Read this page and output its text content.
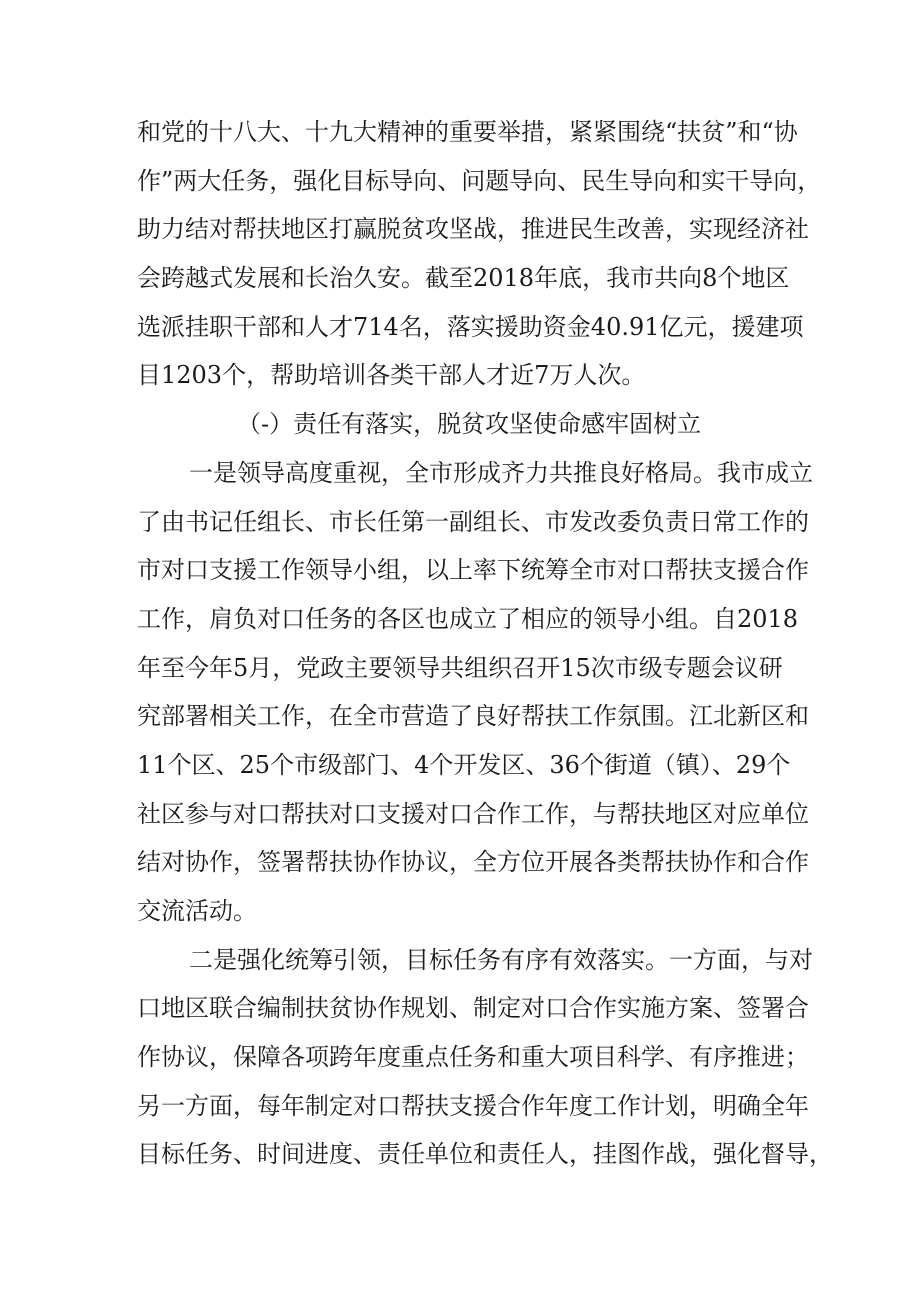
和党的十八大、十九大精神的重要举措，紧紧围绕“扶贫”和“协
作”两大任务，强化目标导向、问题导向、民生导向和实干导向，
助力结对帮扶地区打赢脱贫攻坚战，推进民生改善，实现经济社
会跨越式发展和长治久安。截至2018年底，我市共向8个地区
选派挂职干部和人才714名，落实援助资金40.91亿元，援建项
目1203个，帮助培训各类干部人才近7万人次。
（-）责任有落实，脱贫攻坚使命感牢固树立
一是领导高度重视，全市形成齐力共推良好格局。我市成立
了由书记任组长、市长任第一副组长、市发改委负责日常工作的
市对口支援工作领导小组，以上率下统筹全市对口帮扶支援合作
工作，肩负对口任务的各区也成立了相应的领导小组。自2018
年至今年5月，党政主要领导共组织召开15次市级专题会议研
究部署相关工作，在全市营造了良好帮扶工作氛围。江北新区和
11个区、25个市级部门、4个开发区、36个街道（镇）、29个
社区参与对口帮扶对口支援对口合作工作，与帮扶地区对应单位
结对协作，签署帮扶协作协议，全方位开展各类帮扶协作和合作
交流活动。
二是强化统筹引领，目标任务有序有效落实。一方面，与对
口地区联合编制扶贫协作规划、制定对口合作实施方案、签署合
作协议，保障各项跨年度重点任务和重大项目科学、有序推进；
另一方面，每年制定对口帮扶支援合作年度工作计划，明确全年
目标任务、时间进度、责任单位和责任人，挂图作战，强化督导，
